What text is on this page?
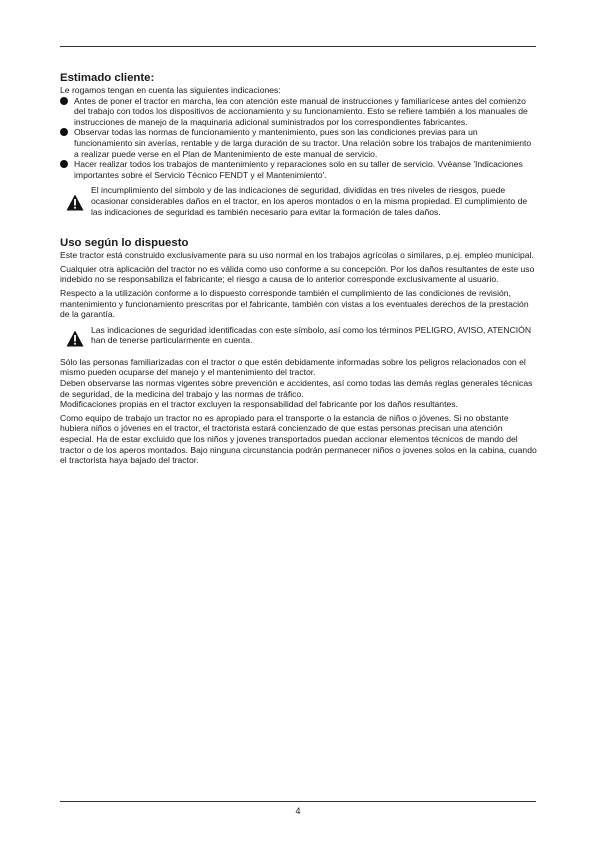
Estimado cliente:

Le rogamos tengan en cuenta las siguientes indicaciones:

Antes de poner el tractor en marcha, lea con atención este manual de instrucciones y familiarícese antes del comienzo del trabajo con todos los dispositivos de accionamiento y su funcionamiento. Esto se refiere también a los manuales de instrucciones de manejo de la maquinaria adicional suministrados por los correspondientes fabricantes.

Observar todas las normas de funcionamiento y mantenimiento, pues son las condiciones previas para un funcionamiento sin averías, rentable y de larga duración de su tractor. Una relación sobre los trabajos de mantenimiento a realizar puede verse en el Plan de Mantenimiento de este manual de servicio.

Hacer realizar todos los trabajos de mantenimiento y reparaciones solo en su taller de servicio. Vvéanse 'Indicaciones importantes sobre el Servicio Técnico FENDT y el Mantenimiento'.

El incumplimiento del símbolo y de las indicaciones de seguridad, divididas en tres niveles de riesgos, puede ocasionar considerables daños en el tractor, en los aperos montados o en la misma propiedad. El cumplimiento de las indicaciones de seguridad es también necesario para evitar la formación de tales daños.

Uso según lo dispuesto

Este tractor está construido exclusivamente para su uso normal en los trabajos agrícolas o similares, p.ej. empleo municipal.

Cualquier otra aplicación del tractor no es válida como uso conforme a su concepción. Por los daños resultantes de este uso indebido no se responsabiliza el fabricante; el riesgo a causa de lo anterior corresponde exclusivamente al usuario.

Respecto a la utilización conforme a lo dispuesto corresponde también el cumplimiento de las condiciones de revisión, mantenimiento y funcionamiento prescritas por el fabricante, también con vistas a los eventuales derechos de la prestación de la garantía.

Las indicaciones de seguridad identificadas con este símbolo, así como los términos PELIGRO, AVISO, ATENCIÓN han de tenerse particularmente en cuenta.

Sólo las personas familiarizadas con el tractor o que estén debidamente informadas sobre los peligros relacionados con el mismo pueden ocuparse del manejo y el mantenimiento del tractor.

Deben observarse las normas vigentes sobre prevención e accidentes, así como todas las demás reglas generales técnicas de seguridad, de la medicina del trabajo y las normas de tráfico.

Modificaciones propias en el tractor excluyen la responsabilidad del fabricante por los daños resultantes.

Como equipo de trabajo un tractor no es apropiado para el transporte o la estancia de niños o jóvenes. Si no obstante hubiera niños o jóvenes en el tractor, el tractorista estará concienzado de que estas personas precisan una atención especial. Ha de estar excluido que los niños y jovenes transportados puedan accionar elementos técnicos de mando del tractor o de los aperos montados. Bajo ninguna circunstancia podrán permanecer niños o jovenes solos en la cabina, cuando el tractorista haya bajado del tractor.

4
